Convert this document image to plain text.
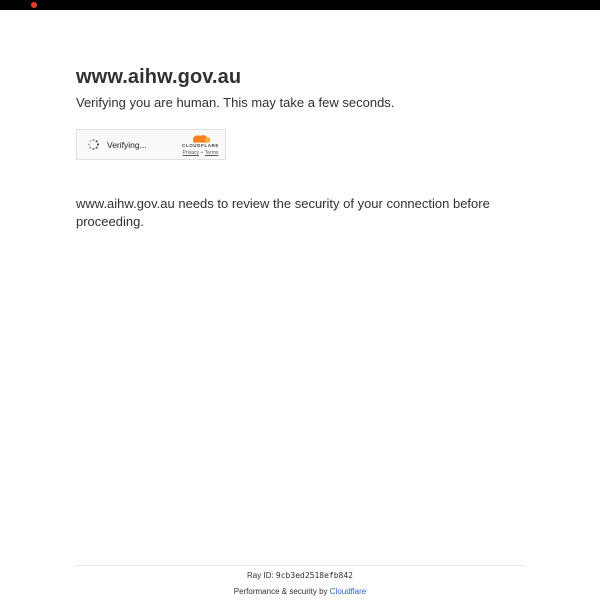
www.aihw.gov.au

Verifying you are human. This may take a few seconds.

Verifying...	CLOUDFLARE
Privacy • Terms

www.aihw.gov.au needs to review the security of your connection before proceeding.

Ray ID: 9cb3ed2518efb842
Performance & security by Cloudflare
